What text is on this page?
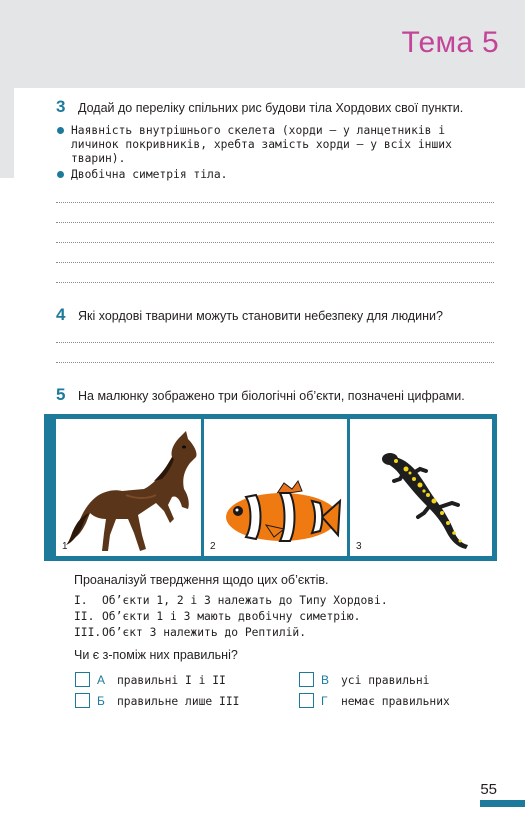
Тема 5
3 Додай до переліку спільних рис будови тіла Хордових свої пункти.
Наявність внутрішнього скелета (хорди — у ланцетників і личинок покривників, хребта замість хорди — у всіх інших тварин).
Двобічна симетрія тіла.
4 Які хордові тварини можуть становити небезпеку для людини?
5 На малюнку зображено три біологічні об’єкти, позначені цифрами.
1	2	3
Проаналізуй твердження щодо цих об’єктів.
I. Об’єкти 1, 2 і 3 належать до Типу Хордові.
II. Об’єкти 1 і 3 мають двобічну симетрію.
III.Об’єкт 3 належить до Рептилій.
Чи є з-поміж них правильні?
А правильні I і II	В усі правильні
Б правильне лише III	Г немає правильних
55
